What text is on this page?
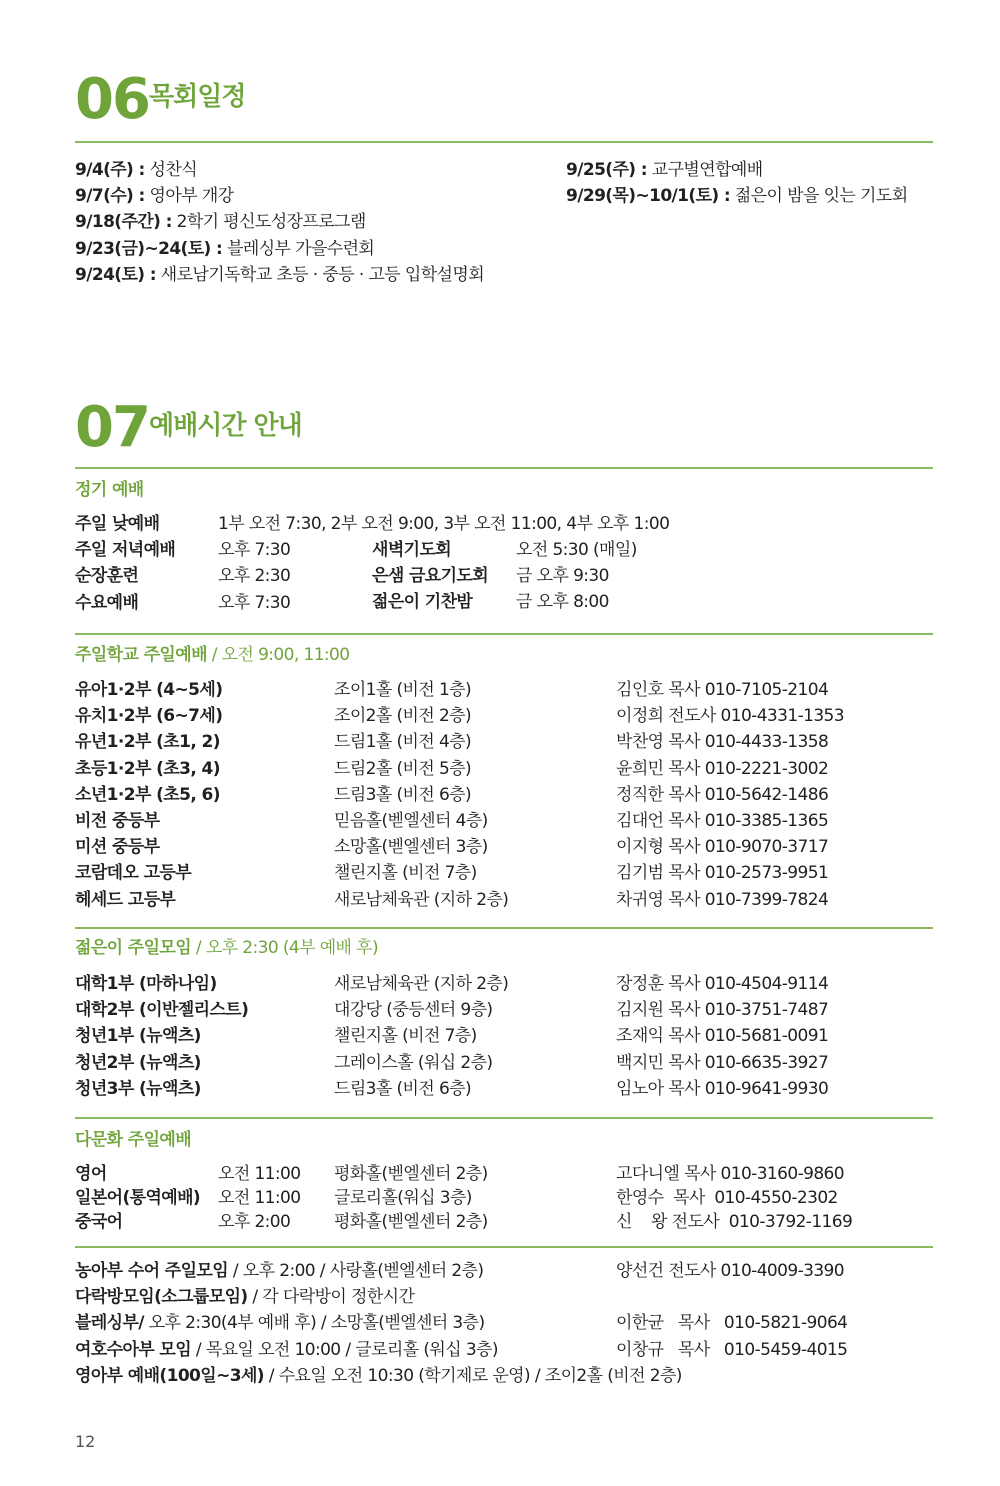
06 목회일정
9/4(주) : 성찬식
9/7(수) : 영아부 개강
9/18(주간) : 2학기 평신도성장프로그램
9/23(금)~24(토) : 블레싱부 가을수련회
9/24(토) : 새로남기독학교 초등 · 중등 · 고등 입학설명회
9/25(주) : 교구별연합예배
9/29(목)~10/1(토) : 젊은이 밤을 잇는 기도회
07 예배시간 안내
정기 예배
주일 낮예배
주일 저녁예배
순장훈련
수요예배
1부 오전 7:30, 2부 오전 9:00, 3부 오전 11:00, 4부 오후 1:00
오후 7:30
오후 2:30
오후 7:30
새벽기도회
은샘 금요기도회
젊은이 기찬밤
오전 5:30 (매일)
금 오후 9:30
금 오후 8:00
주일학교 주일예배 / 오전 9:00, 11:00
유아1·2부 (4~5세)
유치1·2부 (6~7세)
유년1·2부 (초1, 2)
초등1·2부 (초3, 4)
소년1·2부 (초5, 6)
비전 중등부
미션 중등부
코람데오 고등부
헤세드 고등부
조이1홀 (비전 1층)
조이2홀 (비전 2층)
드림1홀 (비전 4층)
드림2홀 (비전 5층)
드림3홀 (비전 6층)
믿음홀(벧엘센터 4층)
소망홀(벧엘센터 3층)
챌린지홀 (비전 7층)
새로남체육관 (지하 2층)
김인호 목사 010-7105-2104
이정희 전도사 010-4331-1353
박찬영 목사 010-4433-1358
윤희민 목사 010-2221-3002
정직한 목사 010-5642-1486
김대언 목사 010-3385-1365
이지형 목사 010-9070-3717
김기범 목사 010-2573-9951
차귀영 목사 010-7399-7824
젊은이 주일모임 / 오후 2:30 (4부 예배 후)
대학1부 (마하나임)
대학2부 (이반젤리스트)
청년1부 (뉴액츠)
청년2부 (뉴액츠)
청년3부 (뉴액츠)
새로남체육관 (지하 2층)
대강당 (중등센터 9층)
챌린지홀 (비전 7층)
그레이스홀 (워십 2층)
드림3홀 (비전 6층)
장정훈 목사 010-4504-9114
김지원 목사 010-3751-7487
조재익 목사 010-5681-0091
백지민 목사 010-6635-3927
임노아 목사 010-9641-9930
다문화 주일예배
영어
일본어(통역예배)
중국어
오전 11:00
오전 11:00
오후 2:00
평화홀(벧엘센터 2층)
글로리홀(워십 3층)
평화홀(벧엘센터 2층)
고다니엘 목사 010-3160-9860
한영수  목사  010-4550-2302
신    왕 전도사  010-3792-1169
농아부 수어 주일모임 / 오후 2:00 / 사랑홀(벧엘센터 2층)
다락방모임(소그룹모임) / 각 다락방이 정한시간
블레싱부/ 오후 2:30(4부 예배 후) / 소망홀(벧엘센터 3층)
여호수아부 모임 / 목요일 오전 10:00 / 글로리홀 (워십 3층)
영아부 예배(100일~3세) / 수요일 오전 10:30 (학기제로 운영) / 조이2홀 (비전 2층)
양선건 전도사 010-4009-3390

이한균   목사   010-5821-9064
이창규   목사   010-5459-4015
12
